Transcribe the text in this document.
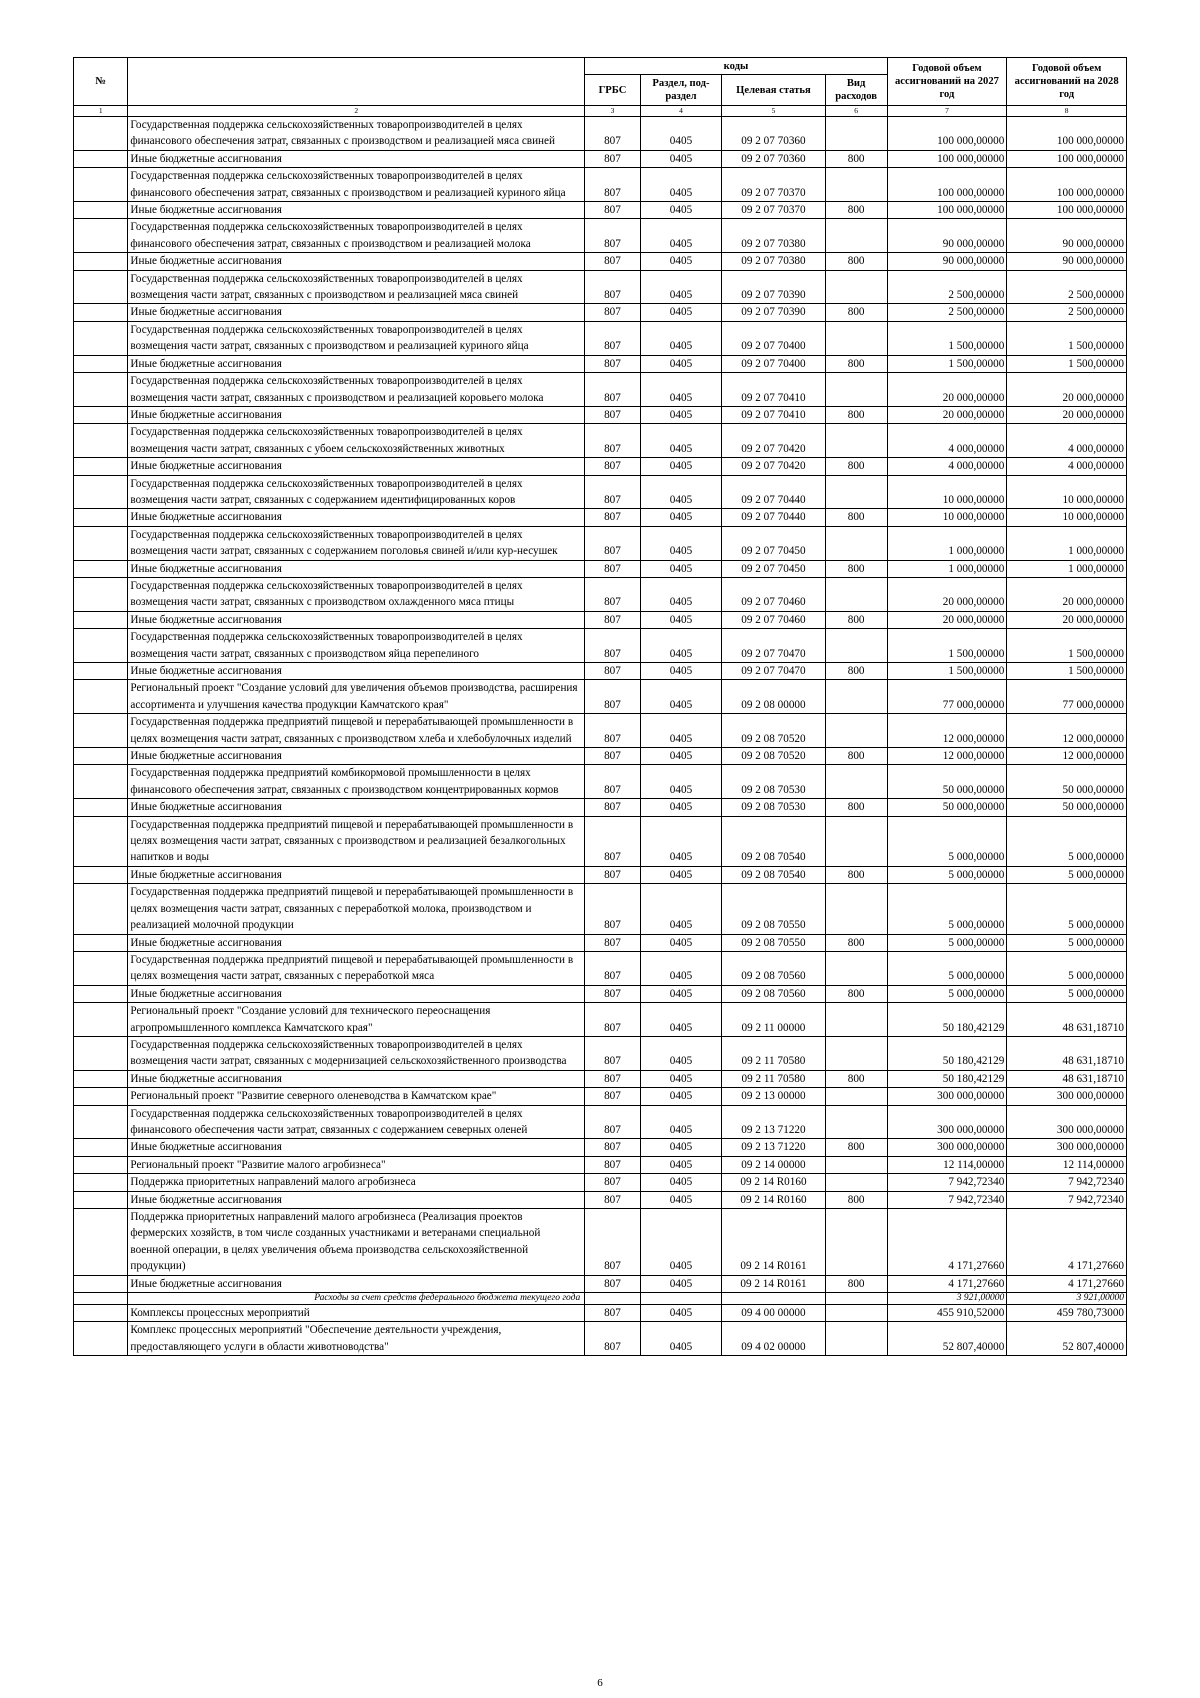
№		коды				Годовой объем ассигнований на 2027 год	Годовой объем ассигнований на 2028 год
		ГРБС	Раздел, под-раздел	Целевая статья	Вид расходов		
1	2	3	4	5	6	7	8
	Государственная поддержка сельскохозяйственных товаропроизводителей в целях финансового обеспечения затрат, связанных с производством и реализацией мяса свиней	807	0405	09 2 07 70360		100 000,00000	100 000,00000
	Иные бюджетные ассигнования	807	0405	09 2 07 70360	800	100 000,00000	100 000,00000
	Государственная поддержка сельскохозяйственных товаропроизводителей в целях финансового обеспечения затрат, связанных с производством и реализацией куриного яйца	807	0405	09 2 07 70370		100 000,00000	100 000,00000
	Иные бюджетные ассигнования	807	0405	09 2 07 70370	800	100 000,00000	100 000,00000
	Государственная поддержка сельскохозяйственных товаропроизводителей в целях финансового обеспечения затрат, связанных с производством и реализацией молока	807	0405	09 2 07 70380		90 000,00000	90 000,00000
	Иные бюджетные ассигнования	807	0405	09 2 07 70380	800	90 000,00000	90 000,00000
	Государственная поддержка сельскохозяйственных товаропроизводителей в целях возмещения части затрат, связанных с производством и реализацией мяса свиней	807	0405	09 2 07 70390		2 500,00000	2 500,00000
	Иные бюджетные ассигнования	807	0405	09 2 07 70390	800	2 500,00000	2 500,00000
	Государственная поддержка сельскохозяйственных товаропроизводителей в целях возмещения части затрат, связанных с производством и реализацией куриного яйца	807	0405	09 2 07 70400		1 500,00000	1 500,00000
	Иные бюджетные ассигнования	807	0405	09 2 07 70400	800	1 500,00000	1 500,00000
	Государственная поддержка сельскохозяйственных товаропроизводителей в целях возмещения части затрат, связанных с производством и реализацией коровьего молока	807	0405	09 2 07 70410		20 000,00000	20 000,00000
	Иные бюджетные ассигнования	807	0405	09 2 07 70410	800	20 000,00000	20 000,00000
	Государственная поддержка сельскохозяйственных товаропроизводителей в целях возмещения части затрат, связанных с убоем сельскохозяйственных животных	807	0405	09 2 07 70420		4 000,00000	4 000,00000
	Иные бюджетные ассигнования	807	0405	09 2 07 70420	800	4 000,00000	4 000,00000
	Государственная поддержка сельскохозяйственных товаропроизводителей в целях возмещения части затрат, связанных с содержанием идентифицированных коров	807	0405	09 2 07 70440		10 000,00000	10 000,00000
	Иные бюджетные ассигнования	807	0405	09 2 07 70440	800	10 000,00000	10 000,00000
	Государственная поддержка сельскохозяйственных товаропроизводителей в целях возмещения части затрат, связанных с содержанием поголовья свиней и/или кур-несушек	807	0405	09 2 07 70450		1 000,00000	1 000,00000
	Иные бюджетные ассигнования	807	0405	09 2 07 70450	800	1 000,00000	1 000,00000
	Государственная поддержка сельскохозяйственных товаропроизводителей в целях возмещения части затрат, связанных с производством охлажденного мяса птицы	807	0405	09 2 07 70460		20 000,00000	20 000,00000
	Иные бюджетные ассигнования	807	0405	09 2 07 70460	800	20 000,00000	20 000,00000
	Государственная поддержка сельскохозяйственных товаропроизводителей в целях возмещения части затрат, связанных с производством яйца перепелиного	807	0405	09 2 07 70470		1 500,00000	1 500,00000
	Иные бюджетные ассигнования	807	0405	09 2 07 70470	800	1 500,00000	1 500,00000
	Региональный проект "Создание условий для увеличения объемов производства, расширения ассортимента и улучшения качества продукции Камчатского края"	807	0405	09 2 08 00000		77 000,00000	77 000,00000
	Государственная поддержка предприятий пищевой и перерабатывающей промышленности в целях возмещения части затрат, связанных с производством хлеба и хлебобулочных изделий	807	0405	09 2 08 70520		12 000,00000	12 000,00000
	Иные бюджетные ассигнования	807	0405	09 2 08 70520	800	12 000,00000	12 000,00000
	Государственная поддержка предприятий комбикормовой промышленности в целях финансового обеспечения затрат, связанных с производством концентрированных кормов	807	0405	09 2 08 70530		50 000,00000	50 000,00000
	Иные бюджетные ассигнования	807	0405	09 2 08 70530	800	50 000,00000	50 000,00000
	Государственная поддержка предприятий пищевой и перерабатывающей промышленности в целях возмещения части затрат, связанных с производством и реализацией безалкогольных напитков и воды	807	0405	09 2 08 70540		5 000,00000	5 000,00000
	Иные бюджетные ассигнования	807	0405	09 2 08 70540	800	5 000,00000	5 000,00000
	Государственная поддержка предприятий пищевой и перерабатывающей промышленности в целях возмещения части затрат, связанных с переработкой молока, производством и реализацией молочной продукции	807	0405	09 2 08 70550		5 000,00000	5 000,00000
	Иные бюджетные ассигнования	807	0405	09 2 08 70550	800	5 000,00000	5 000,00000
	Государственная поддержка предприятий пищевой и перерабатывающей промышленности в целях возмещения части затрат, связанных с переработкой мяса	807	0405	09 2 08 70560		5 000,00000	5 000,00000
	Иные бюджетные ассигнования	807	0405	09 2 08 70560	800	5 000,00000	5 000,00000
	Региональный проект "Создание условий для технического переоснащения агропромышленного комплекса Камчатского края"	807	0405	09 2 11 00000		50 180,42129	48 631,18710
	Государственная поддержка сельскохозяйственных товаропроизводителей в целях возмещения части затрат, связанных с модернизацией сельскохозяйственного производства	807	0405	09 2 11 70580		50 180,42129	48 631,18710
	Иные бюджетные ассигнования	807	0405	09 2 11 70580	800	50 180,42129	48 631,18710
	Региональный проект "Развитие северного оленеводства в Камчатском крае"	807	0405	09 2 13 00000		300 000,00000	300 000,00000
	Государственная поддержка сельскохозяйственных товаропроизводителей в целях финансового обеспечения части затрат, связанных с содержанием северных оленей	807	0405	09 2 13 71220		300 000,00000	300 000,00000
	Иные бюджетные ассигнования	807	0405	09 2 13 71220	800	300 000,00000	300 000,00000
	Региональный проект "Развитие малого агробизнеса"	807	0405	09 2 14 00000		12 114,00000	12 114,00000
	Поддержка приоритетных направлений малого агробизнеса	807	0405	09 2 14 R0160		7 942,72340	7 942,72340
	Иные бюджетные ассигнования	807	0405	09 2 14 R0160	800	7 942,72340	7 942,72340
	Поддержка приоритетных направлений малого агробизнеса (Реализация проектов фермерских хозяйств, в том числе созданных участниками и ветеранами специальной военной операции, в целях увеличения объема производства сельскохозяйственной продукции)	807	0405	09 2 14 R0161		4 171,27660	4 171,27660
	Иные бюджетные ассигнования	807	0405	09 2 14 R0161	800	4 171,27660	4 171,27660
	Расходы за счет средств федерального бюджета текущего года					3 921,00000	3 921,00000
	Комплексы процессных мероприятий	807	0405	09 4 00 00000		455 910,52000	459 780,73000
	Комплекс процессных мероприятий "Обеспечение деятельности учреждения, предоставляющего услуги в области животноводства"	807	0405	09 4 02 00000		52 807,40000	52 807,40000
6
